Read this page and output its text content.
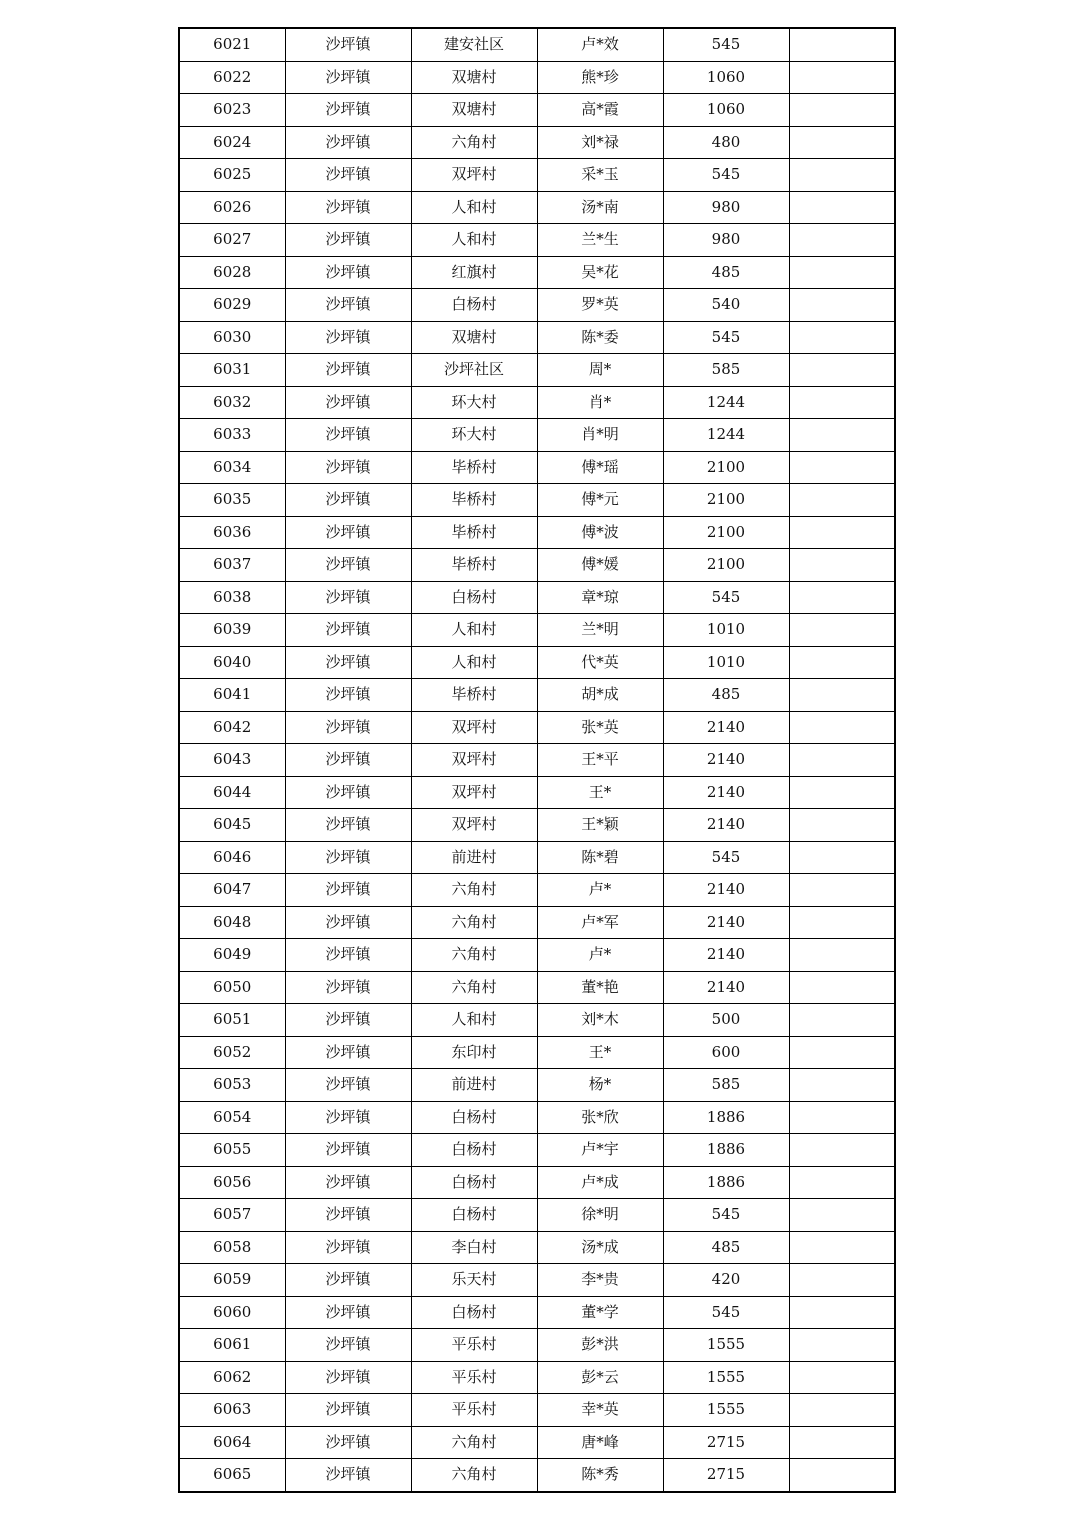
6021	沙坪镇	建安社区	卢*效	545	
6022	沙坪镇	双塘村	熊*珍	1060	
6023	沙坪镇	双塘村	高*霞	1060	
6024	沙坪镇	六角村	刘*禄	480	
6025	沙坪镇	双坪村	采*玉	545	
6026	沙坪镇	人和村	汤*南	980	
6027	沙坪镇	人和村	兰*生	980	
6028	沙坪镇	红旗村	吴*花	485	
6029	沙坪镇	白杨村	罗*英	540	
6030	沙坪镇	双塘村	陈*委	545	
6031	沙坪镇	沙坪社区	周*	585	
6032	沙坪镇	环大村	肖*	1244	
6033	沙坪镇	环大村	肖*明	1244	
6034	沙坪镇	毕桥村	傅*瑶	2100	
6035	沙坪镇	毕桥村	傅*元	2100	
6036	沙坪镇	毕桥村	傅*波	2100	
6037	沙坪镇	毕桥村	傅*媛	2100	
6038	沙坪镇	白杨村	章*琼	545	
6039	沙坪镇	人和村	兰*明	1010	
6040	沙坪镇	人和村	代*英	1010	
6041	沙坪镇	毕桥村	胡*成	485	
6042	沙坪镇	双坪村	张*英	2140	
6043	沙坪镇	双坪村	王*平	2140	
6044	沙坪镇	双坪村	王*	2140	
6045	沙坪镇	双坪村	王*颖	2140	
6046	沙坪镇	前进村	陈*碧	545	
6047	沙坪镇	六角村	卢*	2140	
6048	沙坪镇	六角村	卢*军	2140	
6049	沙坪镇	六角村	卢*	2140	
6050	沙坪镇	六角村	董*艳	2140	
6051	沙坪镇	人和村	刘*木	500	
6052	沙坪镇	东印村	王*	600	
6053	沙坪镇	前进村	杨*	585	
6054	沙坪镇	白杨村	张*欣	1886	
6055	沙坪镇	白杨村	卢*宇	1886	
6056	沙坪镇	白杨村	卢*成	1886	
6057	沙坪镇	白杨村	徐*明	545	
6058	沙坪镇	李白村	汤*成	485	
6059	沙坪镇	乐天村	李*贵	420	
6060	沙坪镇	白杨村	董*学	545	
6061	沙坪镇	平乐村	彭*洪	1555	
6062	沙坪镇	平乐村	彭*云	1555	
6063	沙坪镇	平乐村	幸*英	1555	
6064	沙坪镇	六角村	唐*峰	2715	
6065	沙坪镇	六角村	陈*秀	2715	
